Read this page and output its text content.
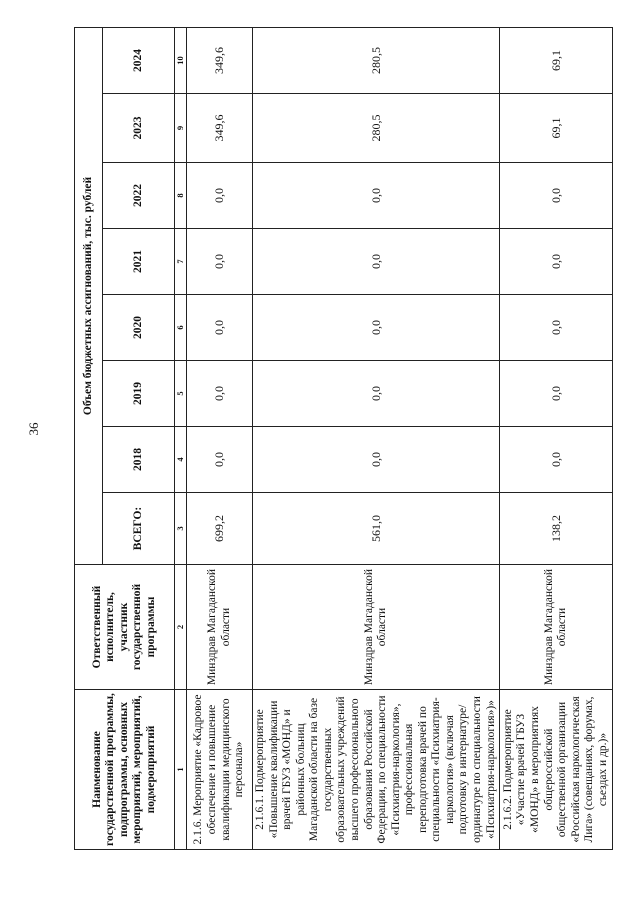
36
Наименование государственной программы, подпрограммы, основных мероприятий, мероприятий, подмероприятий	Ответственный исполнитель, участник государственной программы	Объем бюджетных ассигнований, тыс. рублей							
		ВСЕГО:	2018	2019	2020	2021	2022	2023	2024
1	2	3	4	5	6	7	8	9	10
2.1.6. Мероприятие «Кадровое обеспечение и повышение квалификации медицинского персонала»	Минздрав Магаданской области	699,2	0,0	0,0	0,0	0,0	0,0	349,6	349,6
2.1.6.1. Подмероприятие «Повышение квалификации врачей ГБУЗ «МОНД» и районных больниц Магаданской области на базе государственных образовательных учреждений высшего профессионального образования Российской Федерации, по специальности «Психиатрия-наркология», профессиональная переподготовка врачей по специальности «Психиатрия-наркология» (включая подготовку в интернатуре/ ординатуре по специальности «Психиатрия-наркология»)»	Минздрав Магаданской области	561,0	0,0	0,0	0,0	0,0	0,0	280,5	280,5
2.1.6.2. Подмероприятие «Участие врачей ГБУЗ «МОНД» в мероприятиях общероссийской общественной организации «Российская наркологическая Лига» (совещаниях, форумах, съездах и др.)»	Минздрав Магаданской области	138,2	0,0	0,0	0,0	0,0	0,0	69,1	69,1
